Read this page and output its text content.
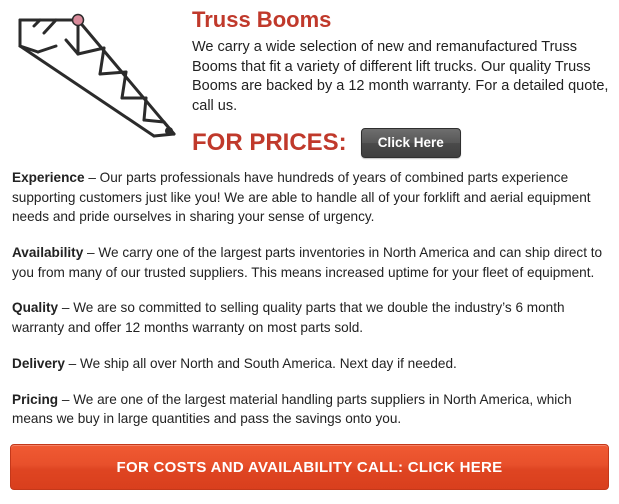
Truss Booms

We carry a wide selection of new and remanufactured Truss Booms that fit a variety of different lift trucks. Our quality Truss Booms are backed by a 12 month warranty. For a detailed quote, call us.

FOR PRICES:	Click Here

Experience – Our parts professionals have hundreds of years of combined parts experience supporting customers just like you! We are able to handle all of your forklift and aerial equipment needs and pride ourselves in sharing your sense of urgency.

Availability – We carry one of the largest parts inventories in North America and can ship direct to you from many of our trusted suppliers. This means increased uptime for your fleet of equipment.

Quality – We are so committed to selling quality parts that we double the industry’s 6 month warranty and offer 12 months warranty on most parts sold.

Delivery – We ship all over North and South America. Next day if needed.

Pricing – We are one of the largest material handling parts suppliers in North America, which means we buy in large quantities and pass the savings onto you.

FOR COSTS AND AVAILABILITY CALL: CLICK HERE
